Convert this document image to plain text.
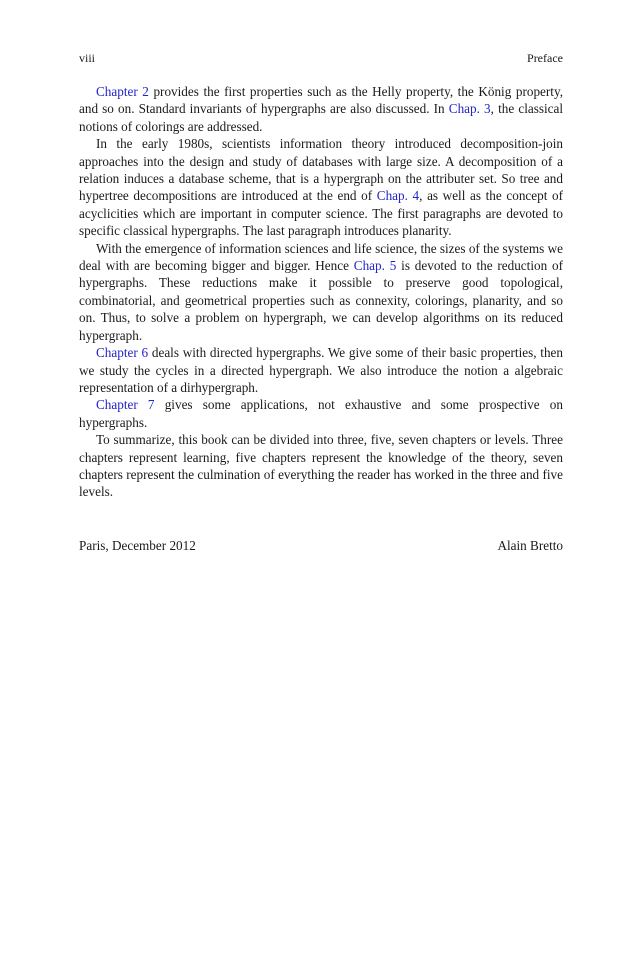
viii	Preface

Chapter 2 provides the first properties such as the Helly property, the König property, and so on. Standard invariants of hypergraphs are also discussed. In Chap. 3, the classical notions of colorings are addressed.

In the early 1980s, scientists information theory introduced decomposition-join approaches into the design and study of databases with large size. A decomposition of a relation induces a database scheme, that is a hypergraph on the attributer set. So tree and hypertree decompositions are introduced at the end of Chap. 4, as well as the concept of acyclicities which are important in computer science. The first paragraphs are devoted to specific classical hypergraphs. The last paragraph introduces planarity.

With the emergence of information sciences and life science, the sizes of the systems we deal with are becoming bigger and bigger. Hence Chap. 5 is devoted to the reduction of hypergraphs. These reductions make it possible to preserve good topological, combinatorial, and geometrical properties such as connexity, colorings, planarity, and so on. Thus, to solve a problem on hypergraph, we can develop algorithms on its reduced hypergraph.

Chapter 6 deals with directed hypergraphs. We give some of their basic properties, then we study the cycles in a directed hypergraph. We also introduce the notion a algebraic representation of a dirhypergraph.

Chapter 7 gives some applications, not exhaustive and some prospective on hypergraphs.

To summarize, this book can be divided into three, five, seven chapters or levels. Three chapters represent learning, five chapters represent the knowledge of the theory, seven chapters represent the culmination of everything the reader has worked in the three and five levels.

Paris, December 2012	Alain Bretto
